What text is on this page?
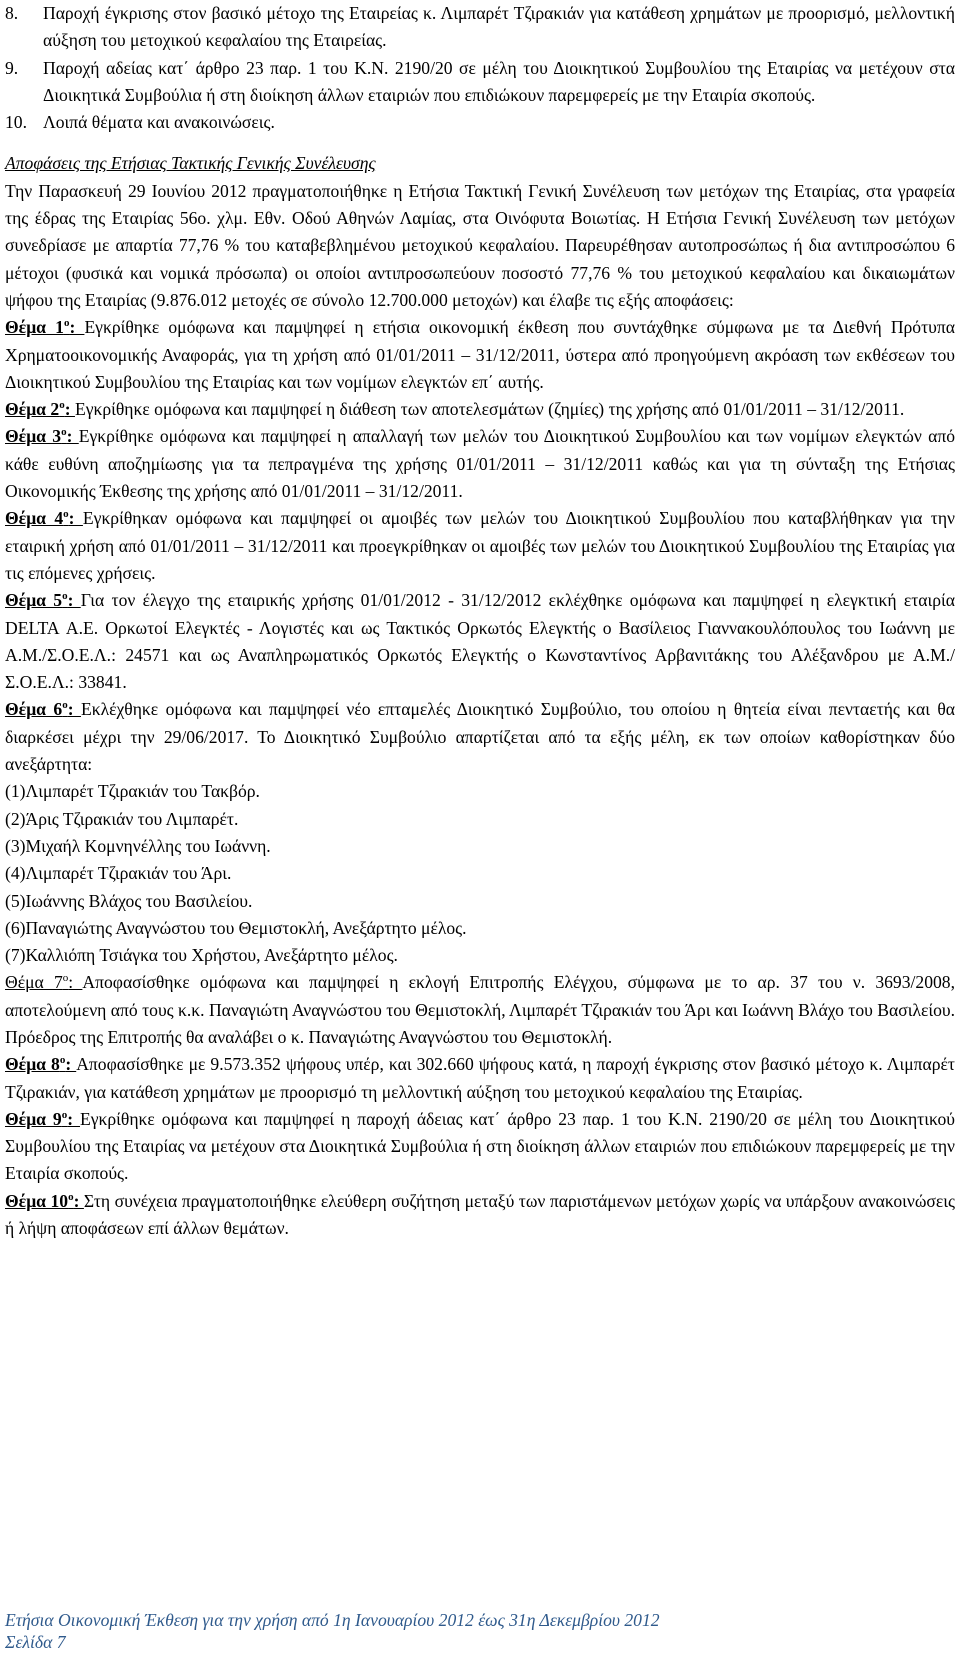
8.	Παροχή έγκρισης στον βασικό μέτοχο της Εταιρείας κ. Λιμπαρέτ Τζιρακιάν για κατάθεση χρημάτων με προορισμό, μελλοντική αύξηση του μετοχικού κεφαλαίου της Εταιρείας.
9.	Παροχή αδείας κατ΄ άρθρο 23 παρ. 1 του Κ.Ν. 2190/20 σε μέλη του Διοικητικού Συμβουλίου της Εταιρίας να μετέχουν στα Διοικητικά Συμβούλια ή στη διοίκηση άλλων εταιριών που επιδιώκουν παρεμφερείς με την Εταιρία σκοπούς.
10. Λοιπά θέματα και ανακοινώσεις.
Αποφάσεις της Ετήσιας Τακτικής Γενικής Συνέλευσης

Την Παρασκευή 29 Ιουνίου 2012 πραγματοποιήθηκε η Ετήσια Τακτική Γενική Συνέλευση των μετόχων της Εταιρίας, στα γραφεία της έδρας της Εταιρίας 56ο. χλμ. Εθν. Οδού Αθηνών Λαμίας, στα Οινόφυτα Βοιωτίας. Η Ετήσια Γενική Συνέλευση των μετόχων συνεδρίασε με απαρτία 77,76 % του καταβεβλημένου μετοχικού κεφαλαίου. Παρευρέθησαν αυτοπροσώπως ή δια αντιπροσώπου 6 μέτοχοι (φυσικά και νομικά πρόσωπα) οι οποίοι αντιπροσωπεύουν ποσοστό 77,76 % του μετοχικού κεφαλαίου και δικαιωμάτων ψήφου της Εταιρίας (9.876.012 μετοχές σε σύνολο 12.700.000 μετοχών) και έλαβε τις εξής αποφάσεις:

Θέμα $1^o$: Εγκρίθηκε ομόφωνα και παμψηφεί η ετήσια οικονομική έκθεση που συντάχθηκε σύμφωνα με τα Διεθνή Πρότυπα Χρηματοοικονομικής Αναφοράς, για τη χρήση από 01/01/2011 – 31/12/2011, ύστερα από προηγούμενη ακρόαση των εκθέσεων του Διοικητικού Συμβουλίου της Εταιρίας και των νομίμων ελεγκτών επ΄ αυτής.

Θέμα $2^o$: Εγκρίθηκε ομόφωνα και παμψηφεί η διάθεση των αποτελεσμάτων (ζημίες) της χρήσης από 01/01/2011 – 31/12/2011.

Θέμα $3^o$: Εγκρίθηκε ομόφωνα και παμψηφεί η απαλλαγή των μελών του Διοικητικού Συμβουλίου και των νομίμων ελεγκτών από κάθε ευθύνη αποζημίωσης για τα πεπραγμένα της χρήσης 01/01/2011 – 31/12/2011 καθώς και για τη σύνταξη της Ετήσιας Οικονομικής Έκθεσης της χρήσης από 01/01/2011 – 31/12/2011.

Θέμα $4^o$: Εγκρίθηκαν ομόφωνα και παμψηφεί οι αμοιβές των μελών του Διοικητικού Συμβουλίου που καταβλήθηκαν για την εταιρική χρήση από 01/01/2011 – 31/12/2011 και προεγκρίθηκαν οι αμοιβές των μελών του Διοικητικού Συμβουλίου της Εταιρίας για τις επόμενες χρήσεις.

Θέμα $5^o$: Για τον έλεγχο της εταιρικής χρήσης 01/01/2012 - 31/12/2012 εκλέχθηκε ομόφωνα και παμψηφεί η ελεγκτική εταιρία DELTA Α.Ε. Ορκωτοί Ελεγκτές - Λογιστές και ως Τακτικός Ορκωτός Ελεγκτής ο Βασίλειος Γιαννακουλόπουλος του Ιωάννη με Α.Μ./Σ.Ο.Ε.Λ.: 24571 και ως Αναπληρωματικός Ορκωτός Ελεγκτής ο Κωνσταντίνος Αρβανιτάκης του Αλέξανδρου με Α.Μ./Σ.Ο.Ε.Λ.: 33841.

Θέμα $6^o$: Εκλέχθηκε ομόφωνα και παμψηφεί νέο επταμελές Διοικητικό Συμβούλιο, του οποίου η θητεία είναι πενταετής και θα διαρκέσει μέχρι την 29/06/2017. Το Διοικητικό Συμβούλιο απαρτίζεται από τα εξής μέλη, εκ των οποίων καθορίστηκαν δύο ανεξάρτητα:

(1)Λιμπαρέτ Τζιρακιάν του Τακβόρ.

(2)Άρις Τζιρακιάν του Λιμπαρέτ.

(3)Μιχαήλ Κομνηνέλλης του Ιωάννη.

(4)Λιμπαρέτ Τζιρακιάν του Άρι.

(5)Ιωάννης Βλάχος του Βασιλείου.

(6)Παναγιώτης Αναγνώστου του Θεμιστοκλή, Ανεξάρτητο μέλος.

(7)Καλλιόπη Τσιάγκα του Χρήστου, Ανεξάρτητο μέλος.

Θέμα $7^o$: Αποφασίσθηκε ομόφωνα και παμψηφεί η εκλογή Επιτροπής Ελέγχου, σύμφωνα με το αρ. 37 του ν. 3693/2008, αποτελούμενη από τους κ.κ. Παναγιώτη Αναγνώστου του Θεμιστοκλή, Λιμπαρέτ Τζιρακιάν του Άρι και Ιωάννη Βλάχο του Βασιλείου. Πρόεδρος της Επιτροπής θα αναλάβει ο κ. Παναγιώτης Αναγνώστου του Θεμιστοκλή.

Θέμα $8^o$: Αποφασίσθηκε με 9.573.352 ψήφους υπέρ, και 302.660 ψήφους κατά, η παροχή έγκρισης στον βασικό μέτοχο κ. Λιμπαρέτ Τζιρακιάν, για κατάθεση χρημάτων με προορισμό τη μελλοντική αύξηση του μετοχικού κεφαλαίου της Εταιρίας.

Θέμα $9^o$: Εγκρίθηκε ομόφωνα και παμψηφεί η παροχή άδειας κατ΄ άρθρο 23 παρ. 1 του Κ.Ν. 2190/20 σε μέλη του Διοικητικού Συμβουλίου της Εταιρίας να μετέχουν στα Διοικητικά Συμβούλια ή στη διοίκηση άλλων εταιριών που επιδιώκουν παρεμφερείς με την Εταιρία σκοπούς.

Θέμα $10^o$: Στη συνέχεια πραγματοποιήθηκε ελεύθερη συζήτηση μεταξύ των παριστάμενων μετόχων χωρίς να υπάρξουν ανακοινώσεις ή λήψη αποφάσεων επί άλλων θεμάτων.

Ετήσια Οικονομική Έκθεση για την χρήση από 1η Ιανουαρίου 2012 έως 31η Δεκεμβρίου 2012
Σελίδα 7
